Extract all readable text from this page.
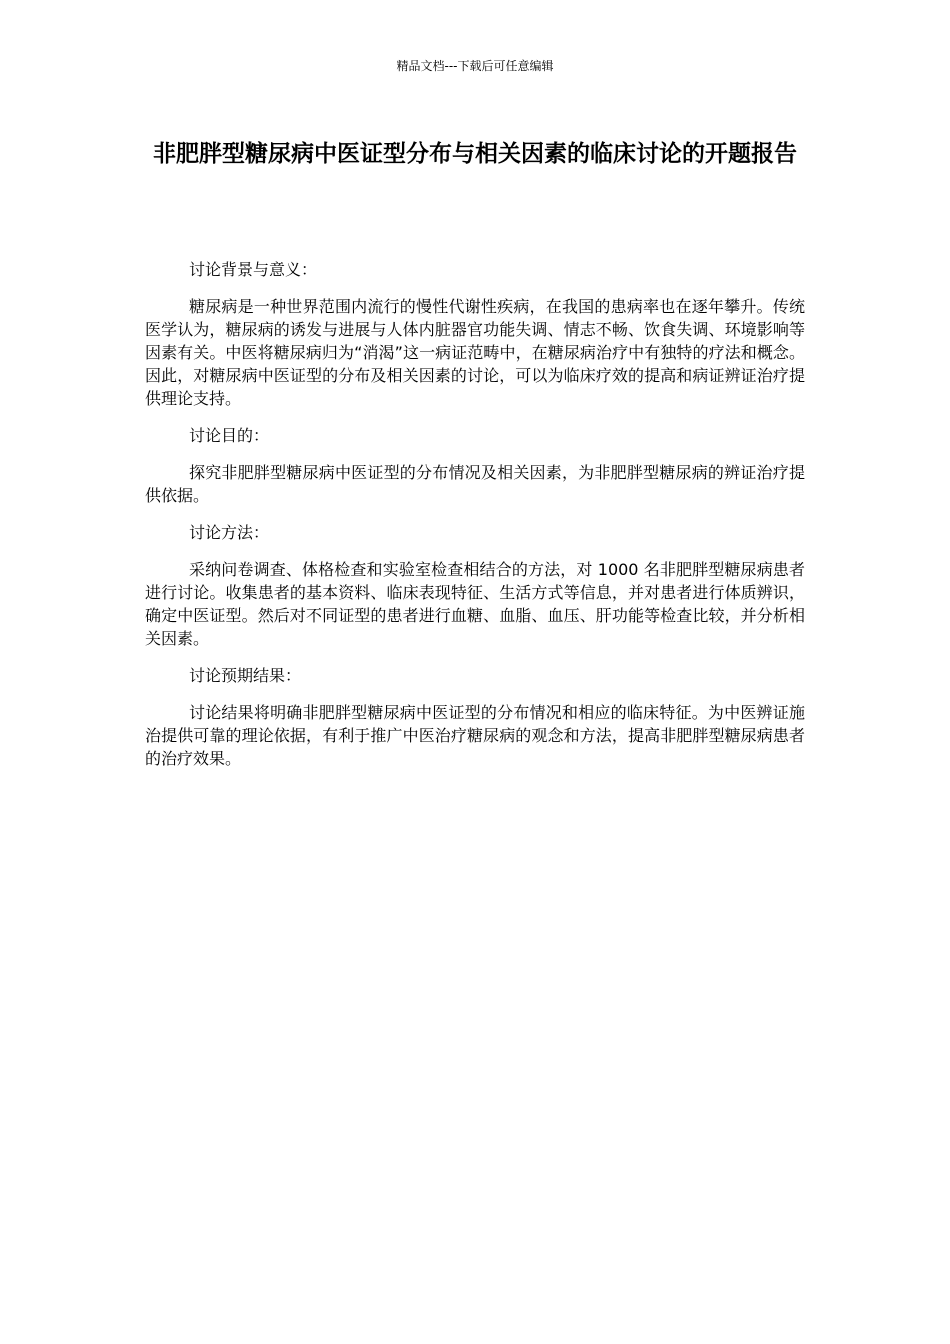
精品文档---下载后可任意编辑
非肥胖型糖尿病中医证型分布与相关因素的临床讨论的开题报告

讨论背景与意义：

糖尿病是一种世界范围内流行的慢性代谢性疾病，在我国的患病率也在逐年攀升。传统医学认为，糖尿病的诱发与进展与人体内脏器官功能失调、情志不畅、饮食失调、环境影响等因素有关。中医将糖尿病归为“消渴”这一病证范畴中，在糖尿病治疗中有独特的疗法和概念。因此，对糖尿病中医证型的分布及相关因素的讨论，可以为临床疗效的提高和病证辨证治疗提供理论支持。

讨论目的：

探究非肥胖型糖尿病中医证型的分布情况及相关因素，为非肥胖型糖尿病的辨证治疗提供依据。

讨论方法：

采纳问卷调查、体格检查和实验室检查相结合的方法，对 1000 名非肥胖型糖尿病患者进行讨论。收集患者的基本资料、临床表现特征、生活方式等信息，并对患者进行体质辨识，确定中医证型。然后对不同证型的患者进行血糖、血脂、血压、肝功能等检查比较，并分析相关因素。

讨论预期结果：

讨论结果将明确非肥胖型糖尿病中医证型的分布情况和相应的临床特征。为中医辨证施治提供可靠的理论依据，有利于推广中医治疗糖尿病的观念和方法，提高非肥胖型糖尿病患者的治疗效果。
